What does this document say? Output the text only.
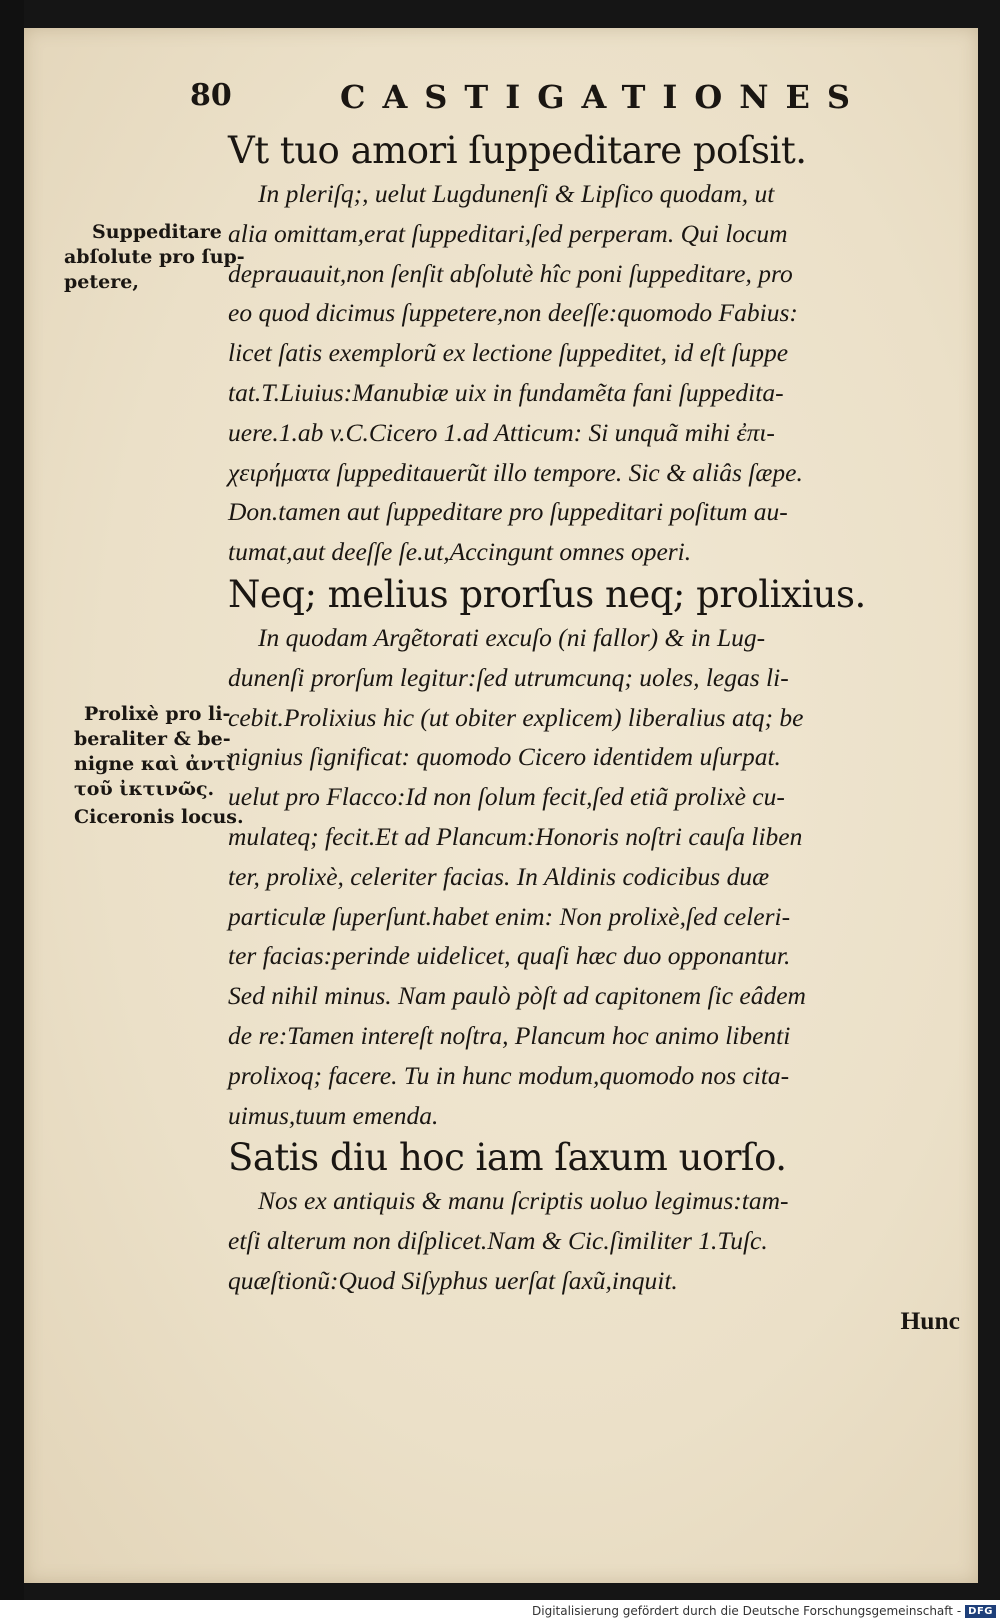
80	CASTIGATIONES
Suppeditare
abſolute pro ſup-
petere,
Prolixè pro li-
beraliter & be-
nigne καὶ ἀντὶ
τοῦ ἰκτινῶς.
Ciceronis locus.
Vt tuo amori ſuppeditare poſsit.
In pleriſq;, uelut Lugdunenſi & Lipſico quodam, ut
alia omittam,erat ſuppeditari,ſed perperam. Qui locum
deprauauit,non ſenſit abſolutè hîc poni ſuppeditare, pro
eo quod dicimus ſuppetere,non deeſſe:quomodo Fabius:
licet ſatis exemplorũ ex lectione ſuppeditet, id eſt ſuppe
tat.T.Liuius:Manubiæ uix in fundamẽta fani ſuppedita-
uere.1.ab v.C.Cicero 1.ad Atticum: Si unquã mihi ἐπι-
χειρήματα ſuppeditauerũt illo tempore. Sic & aliâs ſæpe.
Don.tamen aut ſuppeditare pro ſuppeditari poſitum au-
tumat,aut deeſſe ſe.ut,Accingunt omnes operi.
Neq; melius prorſus neq; prolixius.
In quodam Argẽtorati excuſo (ni fallor) & in Lug-
dunenſi prorſum legitur:ſed utrumcunq; uoles, legas li-
cebit.Prolixius hic (ut obiter explicem) liberalius atq; be
nignius ſignificat: quomodo Cicero identidem uſurpat.
uelut pro Flacco:Id non ſolum fecit,ſed etiã prolixè cu-
mulateq; fecit.Et ad Plancum:Honoris noſtri cauſa liben
ter, prolixè, celeriter facias. In Aldinis codicibus duæ
particulæ ſuperſunt.habet enim: Non prolixè,ſed celeri-
ter facias:perinde uidelicet, quaſi hæc duo opponantur.
Sed nihil minus. Nam paulò pòſt ad capitonem ſic eâdem
de re:Tamen intereſt noſtra, Plancum hoc animo libenti
prolixoq; facere. Tu in hunc modum,quomodo nos cita-
uimus,tuum emenda.
Satis diu hoc iam ſaxum uorſo.
Nos ex antiquis & manu ſcriptis uoluo legimus:tam-
etſi alterum non diſplicet.Nam & Cic.ſimiliter 1.Tuſc.
quæſtionũ:Quod Siſyphus uerſat ſaxũ,inquit.
Hunc
Digitalisierung gefördert durch die Deutsche Forschungsgemeinschaft - DFG
